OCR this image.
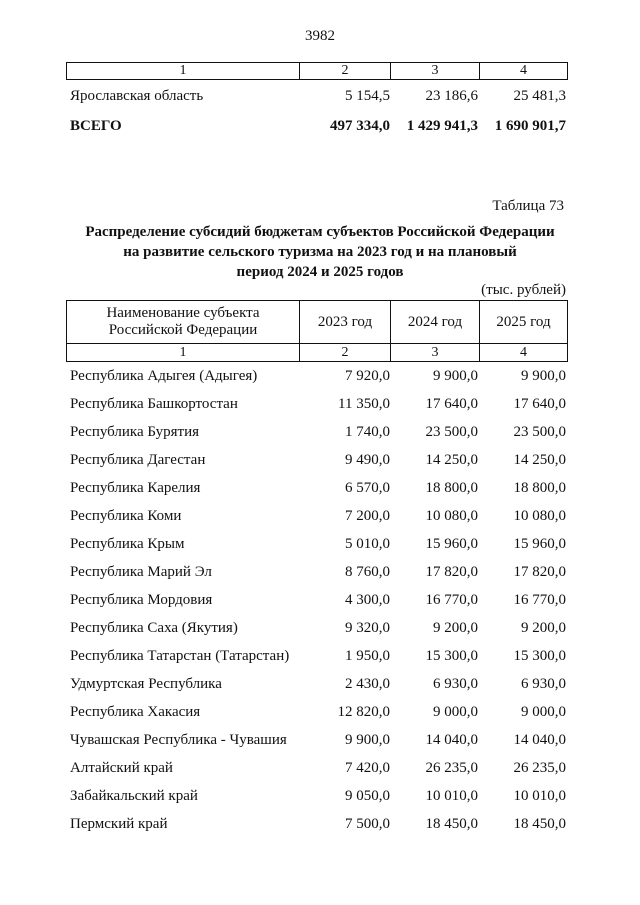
3982
1	2	3	4
Ярославская область	5 154,5	23 186,6	25 481,3
ВСЕГО	497 334,0	1 429 941,3	1 690 901,7
Таблица 73
Распределение субсидий бюджетам субъектов Российской Федерации
на развитие сельского туризма на 2023 год и на плановый
период 2024 и 2025 годов
(тыс. рублей)
Наименование субъекта
Российской Федерации
2023 год	2024 год	2025 год
1	2	3	4
Республика Адыгея (Адыгея)	7 920,0	9 900,0	9 900,0
Республика Башкортостан	11 350,0	17 640,0	17 640,0
Республика Бурятия	1 740,0	23 500,0	23 500,0
Республика Дагестан	9 490,0	14 250,0	14 250,0
Республика Карелия	6 570,0	18 800,0	18 800,0
Республика Коми	7 200,0	10 080,0	10 080,0
Республика Крым	5 010,0	15 960,0	15 960,0
Республика Марий Эл	8 760,0	17 820,0	17 820,0
Республика Мордовия	4 300,0	16 770,0	16 770,0
Республика Саха (Якутия)	9 320,0	9 200,0	9 200,0
Республика Татарстан (Татарстан)	1 950,0	15 300,0	15 300,0
Удмуртская Республика	2 430,0	6 930,0	6 930,0
Республика Хакасия	12 820,0	9 000,0	9 000,0
Чувашская Республика - Чувашия	9 900,0	14 040,0	14 040,0
Алтайский край	7 420,0	26 235,0	26 235,0
Забайкальский край	9 050,0	10 010,0	10 010,0
Пермский край	7 500,0	18 450,0	18 450,0
